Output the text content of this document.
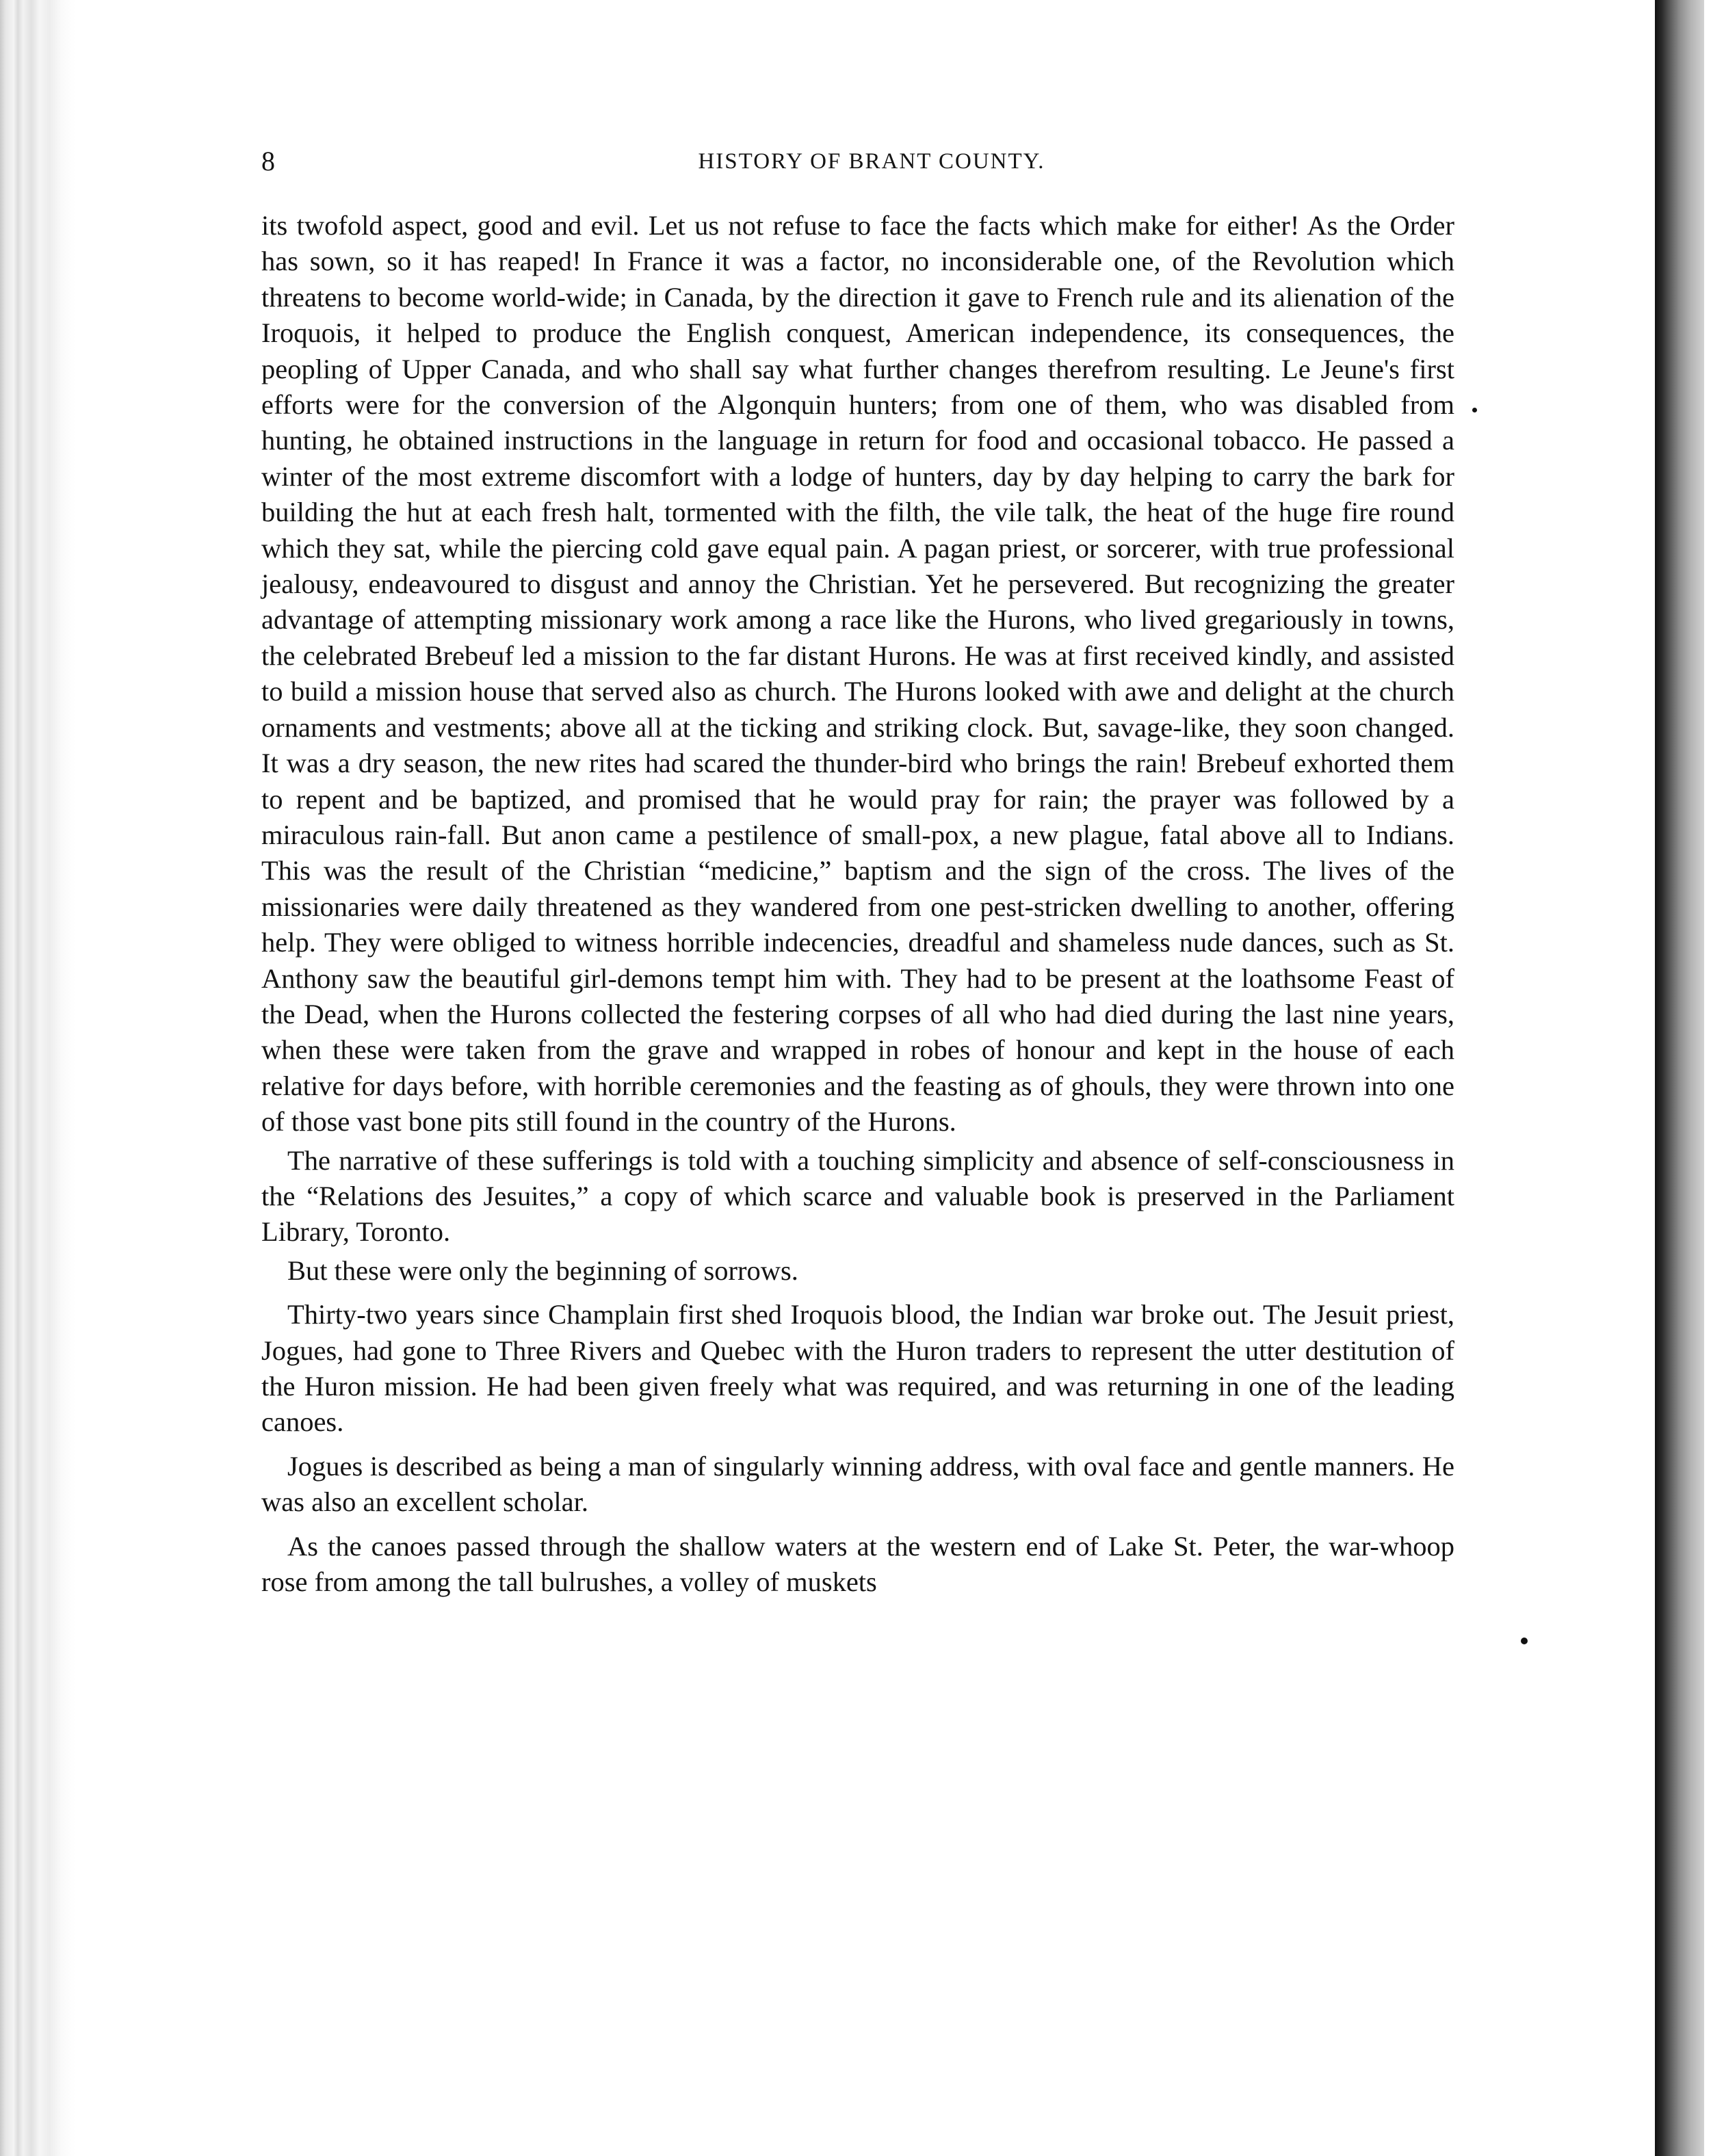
8	HISTORY OF BRANT COUNTY.

its twofold aspect, good and evil. Let us not refuse to face the facts which make for either! As the Order has sown, so it has reaped! In France it was a factor, no inconsiderable one, of the Revolution which threatens to become world-wide; in Canada, by the direction it gave to French rule and its alienation of the Iroquois, it helped to produce the English conquest, American independence, its consequences, the peopling of Upper Canada, and who shall say what further changes therefrom resulting. Le Jeune's first efforts were for the conversion of the Algonquin hunters; from one of them, who was disabled from hunting, he obtained instructions in the language in return for food and occasional tobacco. He passed a winter of the most extreme discomfort with a lodge of hunters, day by day helping to carry the bark for building the hut at each fresh halt, tormented with the filth, the vile talk, the heat of the huge fire round which they sat, while the piercing cold gave equal pain. A pagan priest, or sorcerer, with true professional jealousy, endeavoured to disgust and annoy the Christian. Yet he persevered. But recognizing the greater advantage of attempting missionary work among a race like the Hurons, who lived gregariously in towns, the celebrated Brebeuf led a mission to the far distant Hurons. He was at first received kindly, and assisted to build a mission house that served also as church. The Hurons looked with awe and delight at the church ornaments and vestments; above all at the ticking and striking clock. But, savage-like, they soon changed. It was a dry season, the new rites had scared the thunder-bird who brings the rain! Brebeuf exhorted them to repent and be baptized, and promised that he would pray for rain; the prayer was followed by a miraculous rain-fall. But anon came a pestilence of small-pox, a new plague, fatal above all to Indians. This was the result of the Christian “medicine,” baptism and the sign of the cross. The lives of the missionaries were daily threatened as they wandered from one pest-stricken dwelling to another, offering help. They were obliged to witness horrible indecencies, dreadful and shameless nude dances, such as St. Anthony saw the beautiful girl-demons tempt him with. They had to be present at the loathsome Feast of the Dead, when the Hurons collected the festering corpses of all who had died during the last nine years, when these were taken from the grave and wrapped in robes of honour and kept in the house of each relative for days before, with horrible ceremonies and the feasting as of ghouls, they were thrown into one of those vast bone pits still found in the country of the Hurons.

The narrative of these sufferings is told with a touching simplicity and absence of self-consciousness in the “Relations des Jesuites,” a copy of which scarce and valuable book is preserved in the Parliament Library, Toronto.

But these were only the beginning of sorrows.

Thirty-two years since Champlain first shed Iroquois blood, the Indian war broke out. The Jesuit priest, Jogues, had gone to Three Rivers and Quebec with the Huron traders to represent the utter destitution of the Huron mission. He had been given freely what was required, and was returning in one of the leading canoes.

Jogues is described as being a man of singularly winning address, with oval face and gentle manners. He was also an excellent scholar.

As the canoes passed through the shallow waters at the western end of Lake St. Peter, the war-whoop rose from among the tall bulrushes, a volley of muskets
